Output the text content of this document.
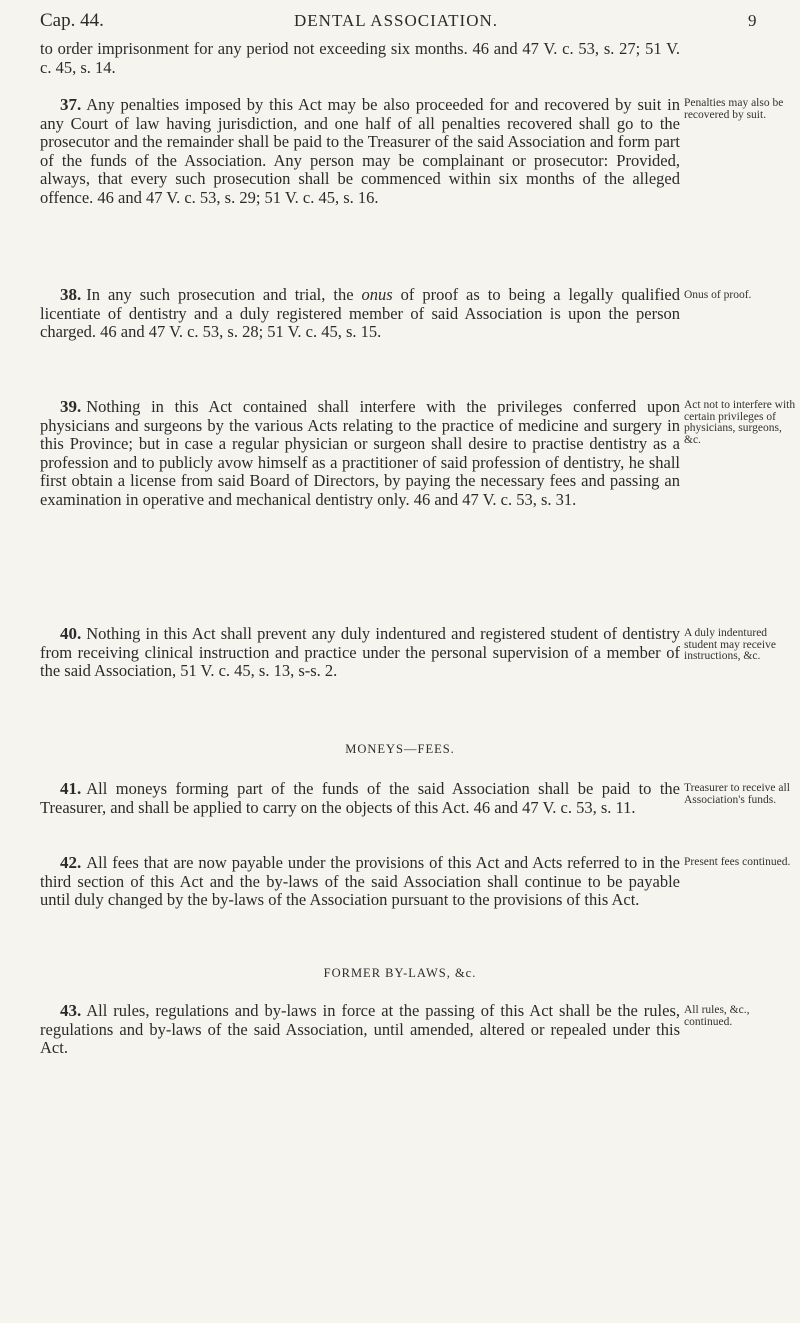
Cap. 44.	DENTAL ASSOCIATION.	9

to order imprisonment for any period not exceeding six months. 46 and 47 V. c. 53, s. 27; 51 V. c. 45, s. 14.

37. Any penalties imposed by this Act may be also proceeded for and recovered by suit in any Court of law having jurisdiction, and one half of all penalties recovered shall go to the prosecutor and the remainder shall be paid to the Treasurer of the said Association and form part of the funds of the Association. Any person may be complainant or prosecutor: Provided, always, that every such prosecution shall be commenced within six months of the alleged offence. 46 and 47 V. c. 53, s. 29; 51 V. c. 45, s. 16.

Penalties may also be recovered by suit.

38. In any such prosecution and trial, the onus of proof as to being a legally qualified licentiate of dentistry and a duly registered member of said Association is upon the person charged. 46 and 47 V. c. 53, s. 28; 51 V. c. 45, s. 15.

Onus of proof.

39. Nothing in this Act contained shall interfere with the privileges conferred upon physicians and surgeons by the various Acts relating to the practice of medicine and surgery in this Province; but in case a regular physician or surgeon shall desire to practise dentistry as a profession and to publicly avow himself as a practitioner of said profession of dentistry, he shall first obtain a license from said Board of Directors, by paying the necessary fees and passing an examination in operative and mechanical dentistry only. 46 and 47 V. c. 53, s. 31.

Act not to interfere with certain privileges of physicians, surgeons, &c.

40. Nothing in this Act shall prevent any duly indentured and registered student of dentistry from receiving clinical instruction and practice under the personal supervision of a member of the said Association, 51 V. c. 45, s. 13, s-s. 2.

A duly indentured student may receive instructions, &c.
MONEYS—FEES.

41. All moneys forming part of the funds of the said Association shall be paid to the Treasurer, and shall be applied to carry on the objects of this Act. 46 and 47 V. c. 53, s. 11.

Treasurer to receive all Association's funds.

42. All fees that are now payable under the provisions of this Act and Acts referred to in the third section of this Act and the by-laws of the said Association shall continue to be payable until duly changed by the by-laws of the Association pursuant to the provisions of this Act.

Present fees continued.
FORMER BY-LAWS, &c.

43. All rules, regulations and by-laws in force at the passing of this Act shall be the rules, regulations and by-laws of the said Association, until amended, altered or repealed under this Act.

All rules, &c., continued.
